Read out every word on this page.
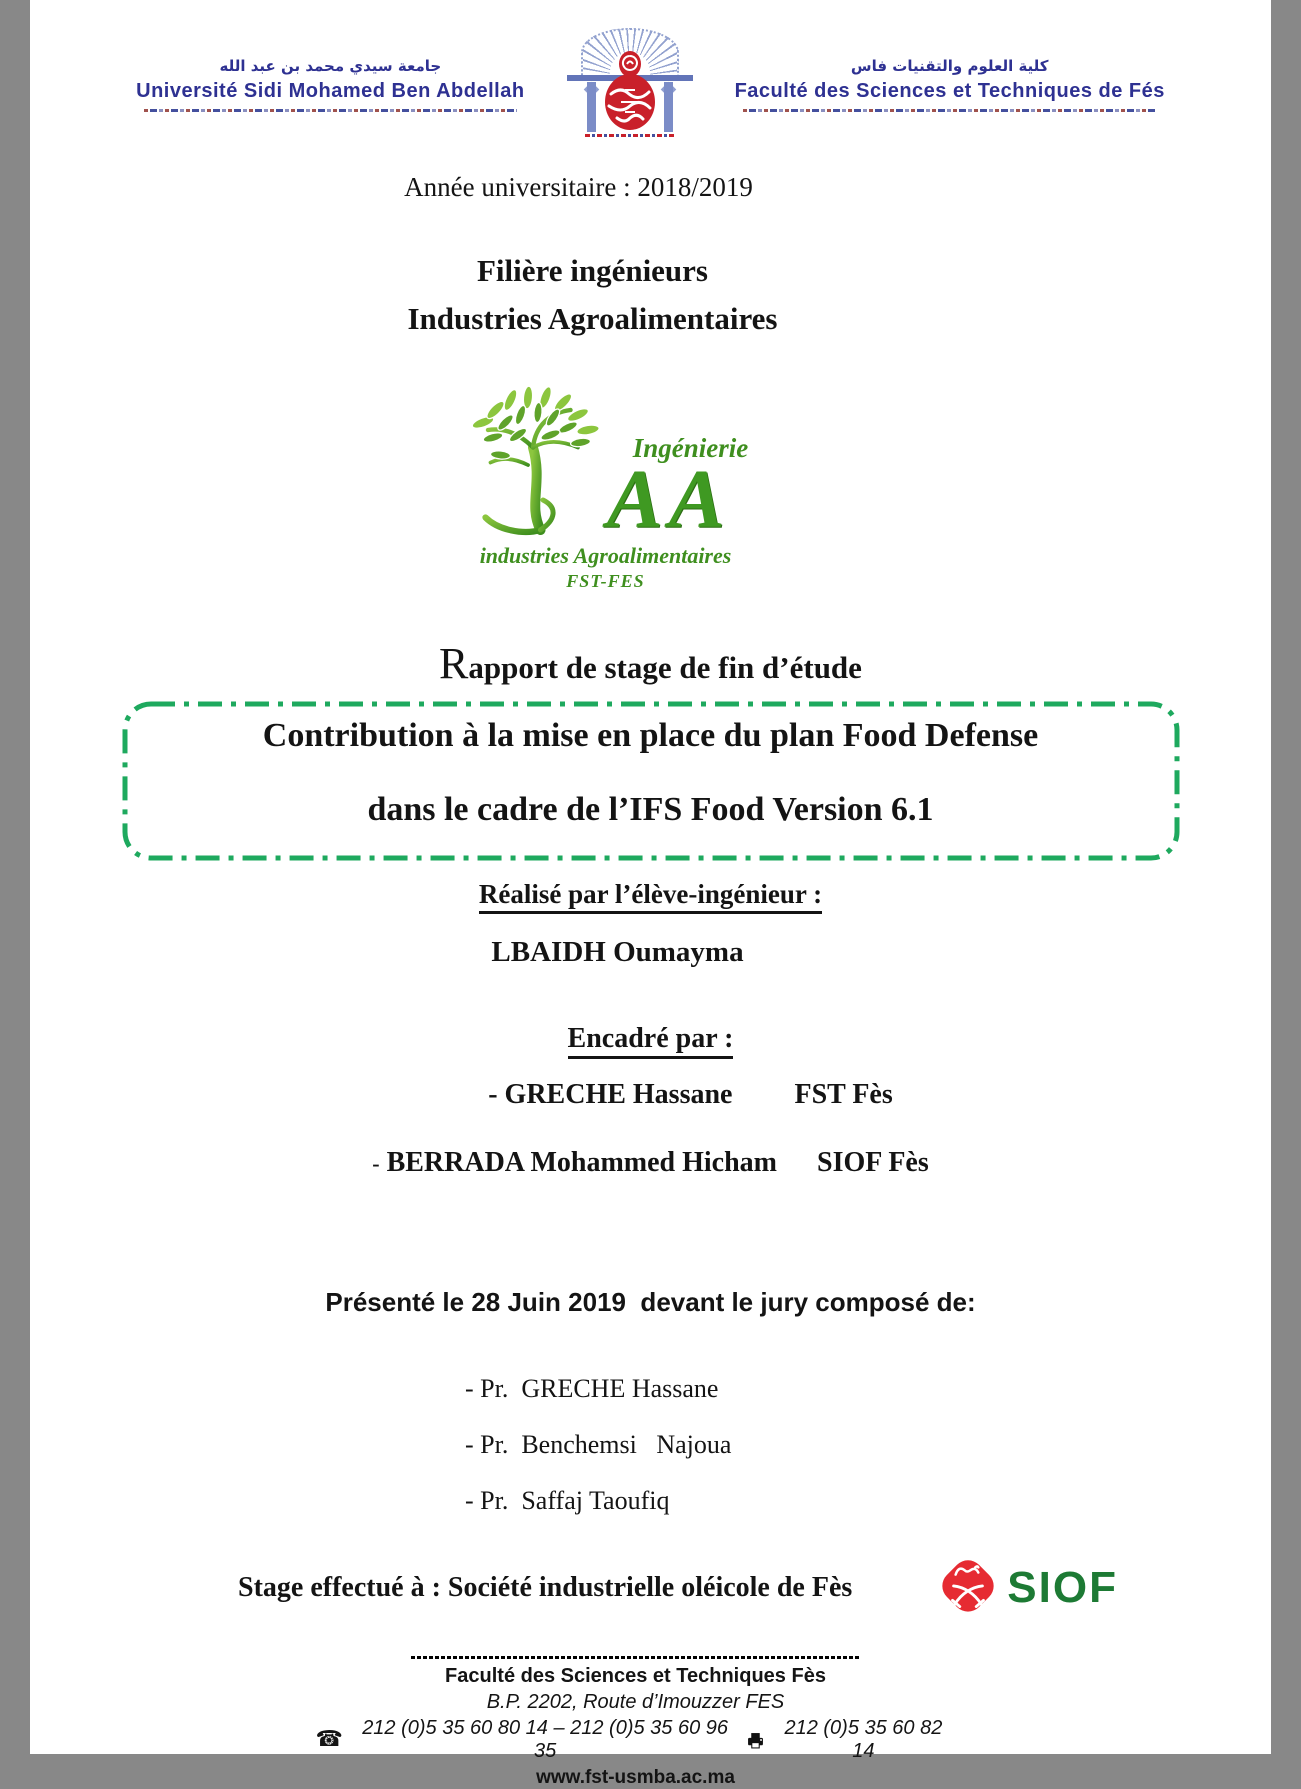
جامعة سيدي محمد بن عبد الله
Université Sidi Mohamed Ben Abdellah
كلية العلوم والتقنيات فاس
Faculté des Sciences et Techniques de Fés
Année universitaire : 2018/2019
Filière ingénieurs
Industries Agroalimentaires
Ingénierie
AA
industries Agroalimentaires
FST-FES
Rapport de stage de fin d’étude
Contribution à la mise en place du plan Food Defense
dans le cadre de l’IFS Food Version 6.1
Réalisé par l’élève-ingénieur :
LBAIDH Oumayma
Encadré par :
- GRECHE Hassane FST Fès
- BERRADA Mohammed Hicham SIOF Fès
Présenté le 28 Juin 2019  devant le jury composé de:
- Pr.  GRECHE Hassane
- Pr.  Benchemsi   Najoua
- Pr.  Saffaj Taoufiq
Stage effectué à : Société industrielle oléicole de Fès	SIOF
Faculté des Sciences et Techniques Fès
B.P. 2202, Route d’Imouzzer FES
☎ 212 (0)5 35 60 80 14 – 212 (0)5 35 60 96 35
212 (0)5 35 60 82 14
www.fst-usmba.ac.ma
